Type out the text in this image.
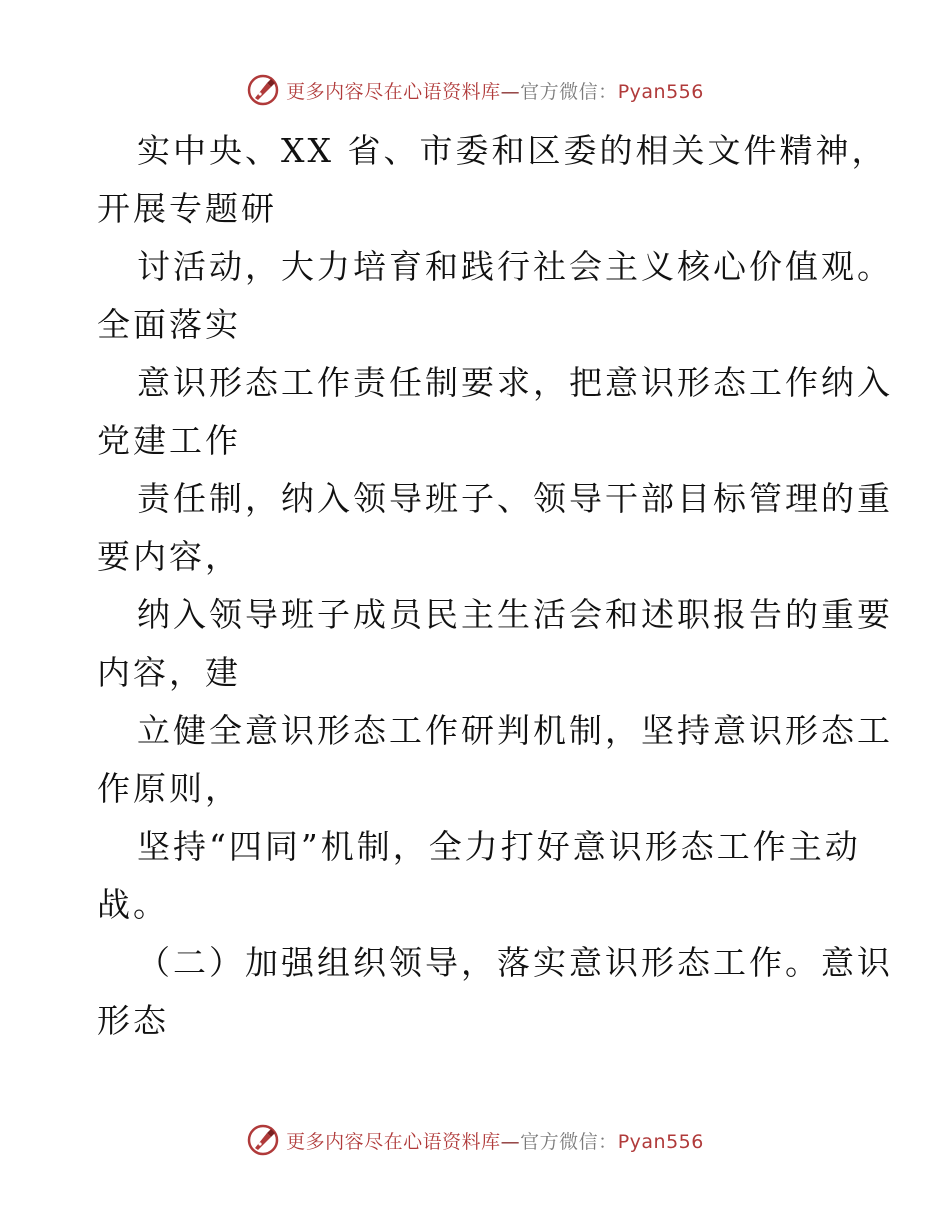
更多内容尽在心语资料库—官方微信：Pyan556
实中央、XX 省、市委和区委的相关文件精神，
开展专题研
讨活动，大力培育和践行社会主义核心价值观。
全面落实
意识形态工作责任制要求，把意识形态工作纳入
党建工作
责任制，纳入领导班子、领导干部目标管理的重
要内容，
纳入领导班子成员民主生活会和述职报告的重要
内容，建
立健全意识形态工作研判机制，坚持意识形态工
作原则，
坚持“四同”机制，全力打好意识形态工作主动
战。
（二）加强组织领导，落实意识形态工作。意识
形态
更多内容尽在心语资料库—官方微信：Pyan556
